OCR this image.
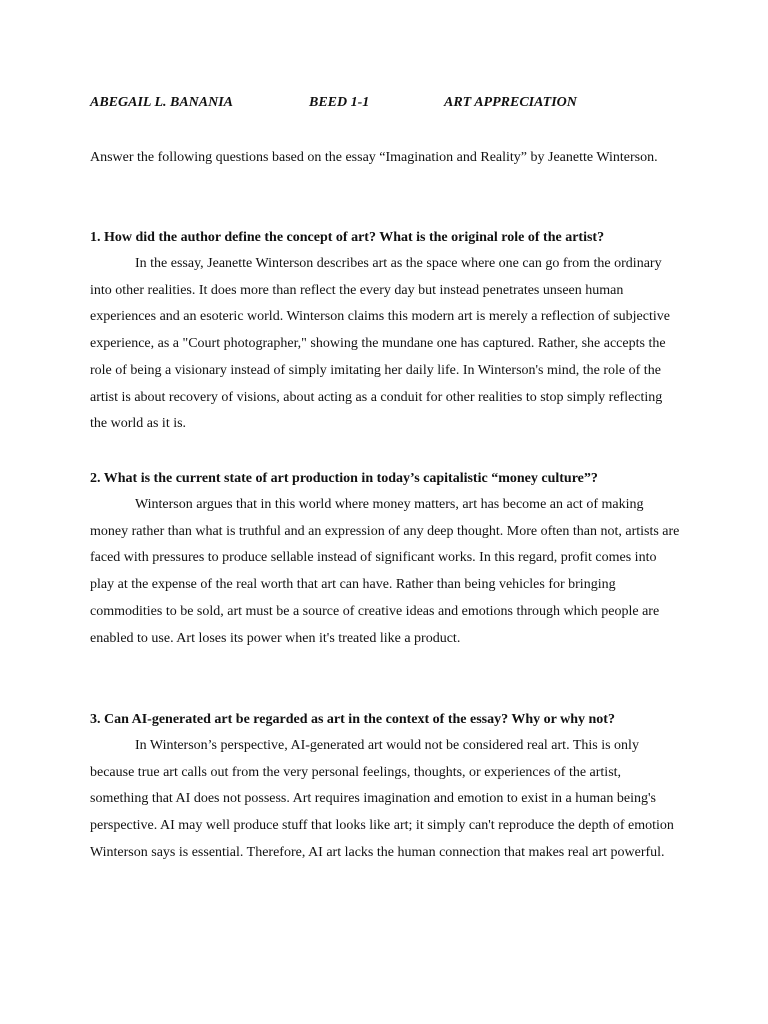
ABEGAIL L. BANANIA	BEED 1-1	ART APPRECIATION
Answer the following questions based on the essay “Imagination and Reality” by Jeanette Winterson.
1. How did the author define the concept of art? What is the original role of the artist?

In the essay, Jeanette Winterson describes art as the space where one can go from the ordinary into other realities. It does more than reflect the every day but instead penetrates unseen human experiences and an esoteric world. Winterson claims this modern art is merely a reflection of subjective experience, as a "Court photographer," showing the mundane one has captured. Rather, she accepts the role of being a visionary instead of simply imitating her daily life. In Winterson's mind, the role of the artist is about recovery of visions, about acting as a conduit for other realities to stop simply reflecting the world as it is.

2. What is the current state of art production in today’s capitalistic “money culture”?

Winterson argues that in this world where money matters, art has become an act of making money rather than what is truthful and an expression of any deep thought. More often than not, artists are faced with pressures to produce sellable instead of significant works. In this regard, profit comes into play at the expense of the real worth that art can have. Rather than being vehicles for bringing commodities to be sold, art must be a source of creative ideas and emotions through which people are enabled to use. Art loses its power when it's treated like a product.

3. Can AI-generated art be regarded as art in the context of the essay? Why or why not?

In Winterson’s perspective, AI-generated art would not be considered real art. This is only because true art calls out from the very personal feelings, thoughts, or experiences of the artist, something that AI does not possess. Art requires imagination and emotion to exist in a human being's perspective. AI may well produce stuff that looks like art; it simply can't reproduce the depth of emotion Winterson says is essential. Therefore, AI art lacks the human connection that makes real art powerful.
